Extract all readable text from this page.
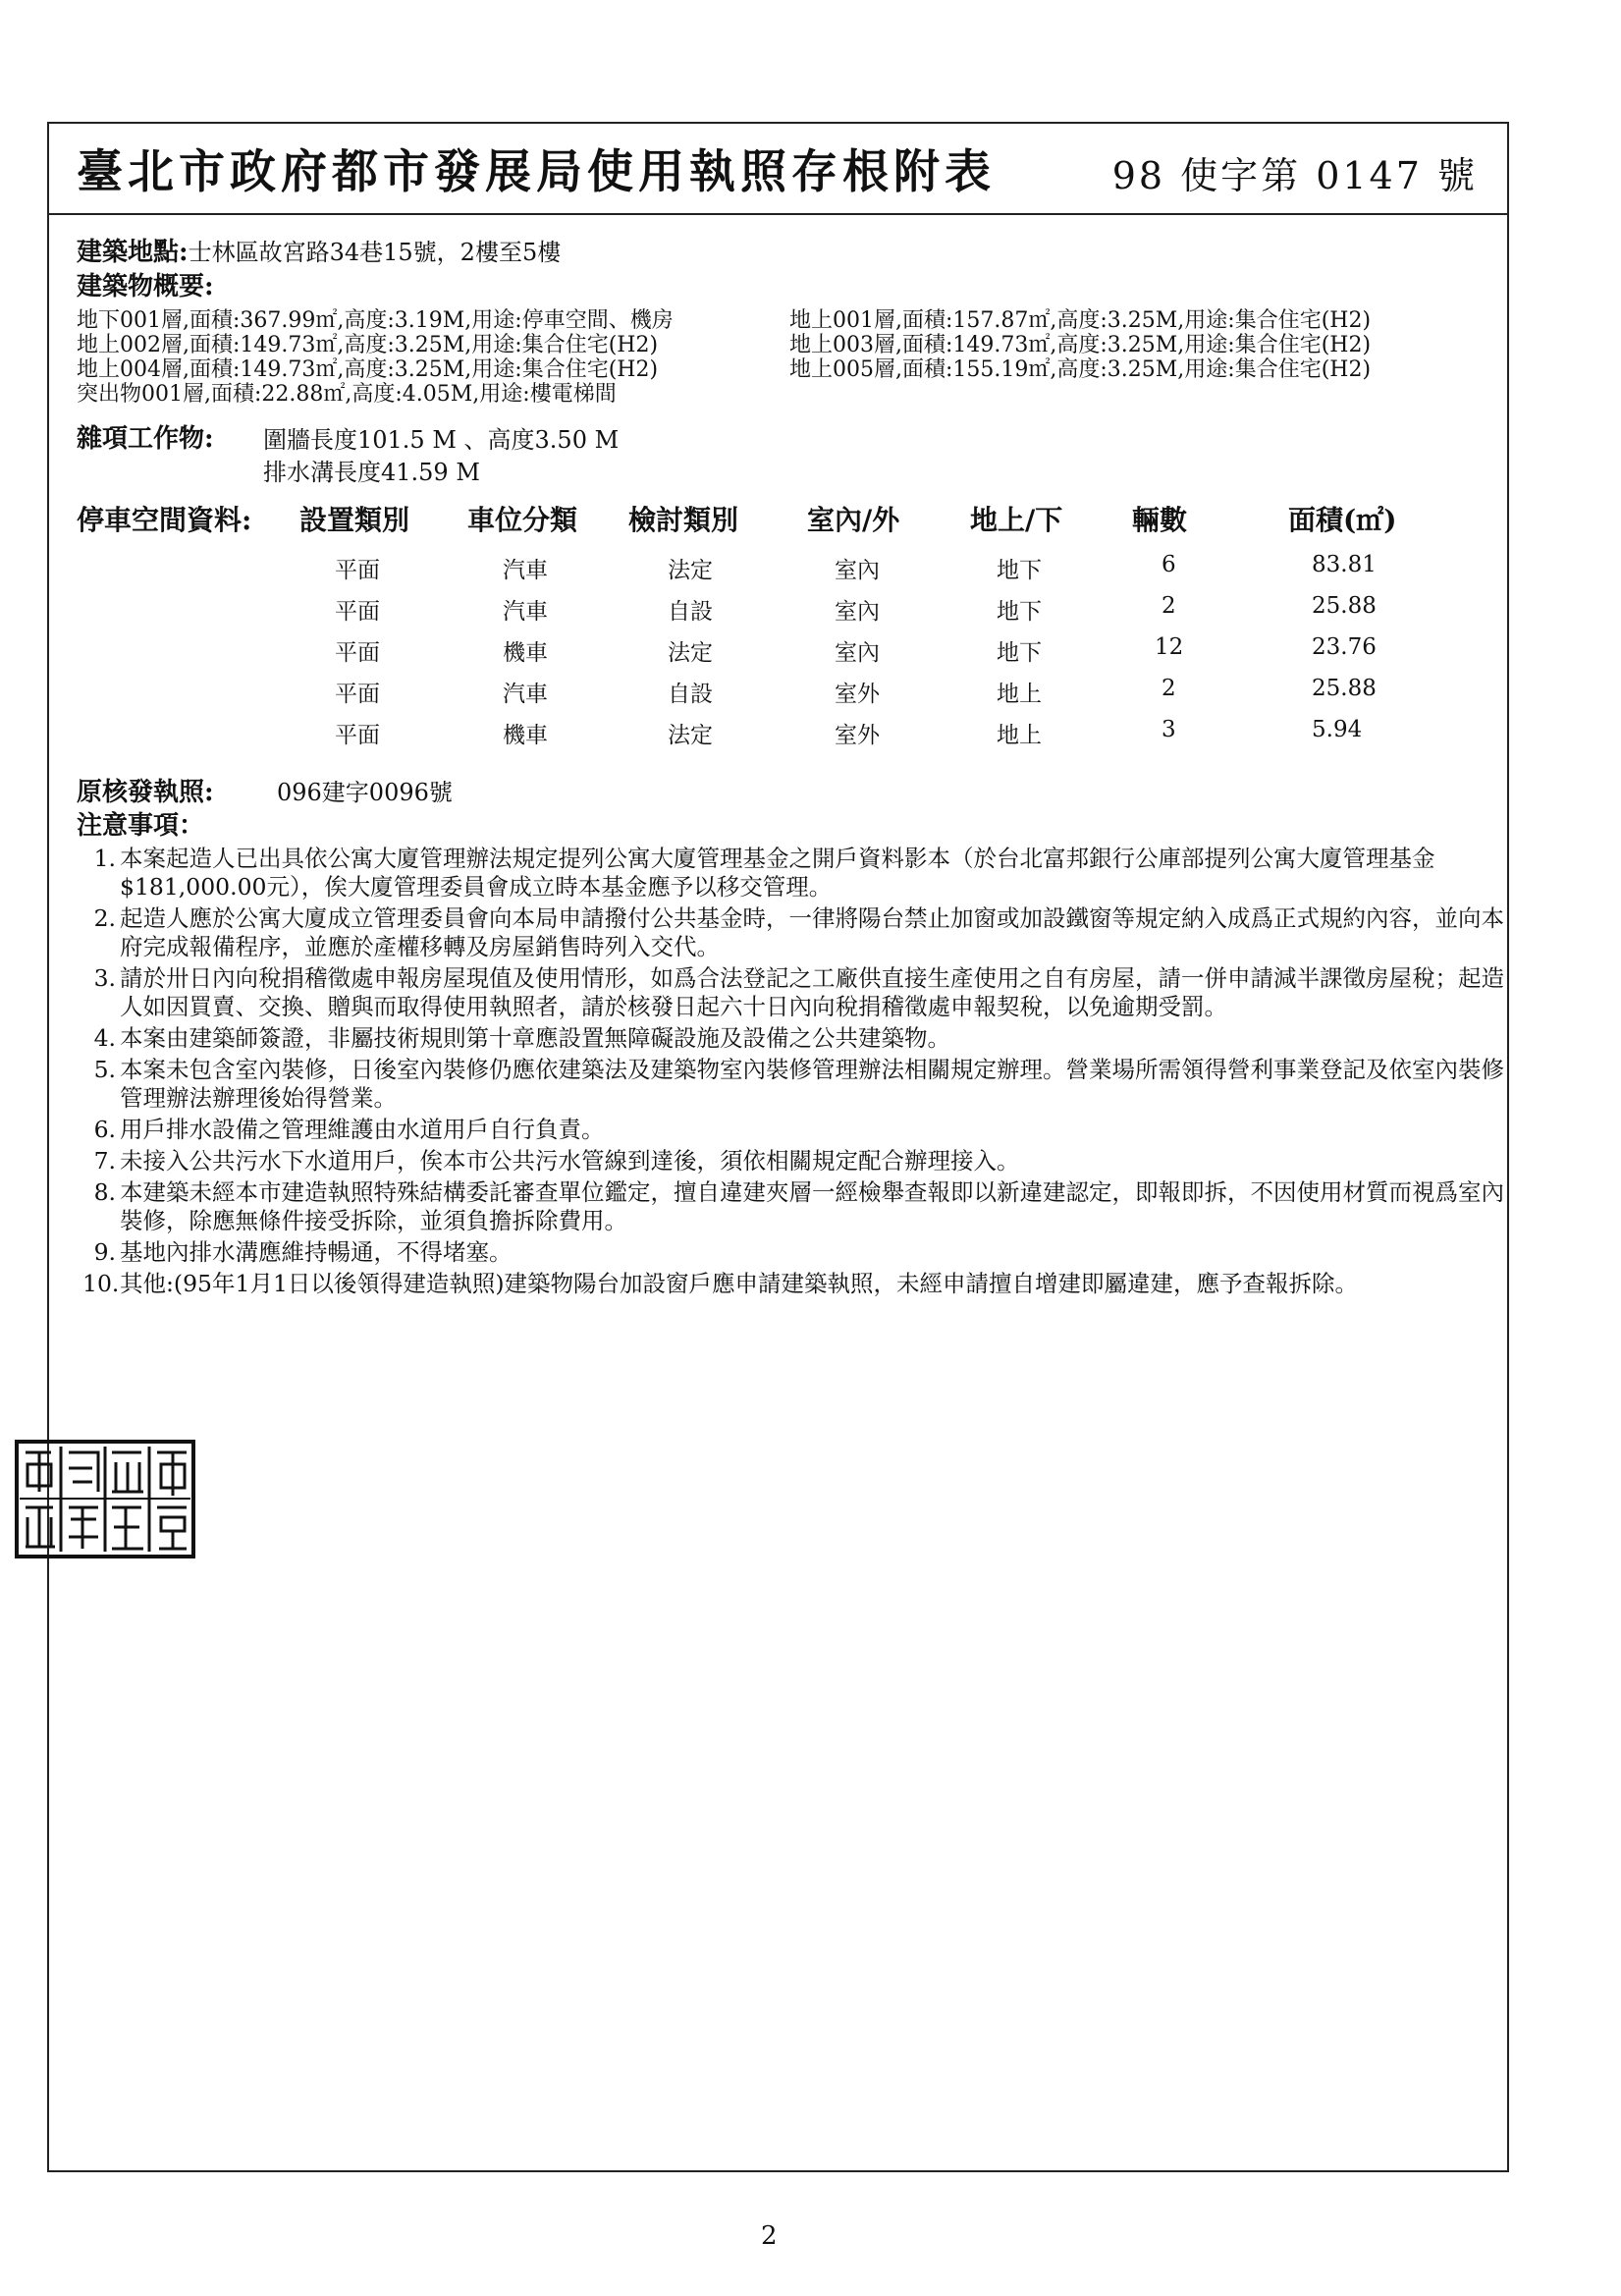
臺北市政府都市發展局使用執照存根附表	98 使字第 0147 號
建築地點:士林區故宮路34巷15號，2樓至5樓
建築物概要:
地下001層,面積:367.99㎡,高度:3.19M,用途:停車空間、機房
地上002層,面積:149.73㎡,高度:3.25M,用途:集合住宅(H2)
地上004層,面積:149.73㎡,高度:3.25M,用途:集合住宅(H2)
突出物001層,面積:22.88㎡,高度:4.05M,用途:樓電梯間
地上001層,面積:157.87㎡,高度:3.25M,用途:集合住宅(H2)
地上003層,面積:149.73㎡,高度:3.25M,用途:集合住宅(H2)
地上005層,面積:155.19㎡,高度:3.25M,用途:集合住宅(H2)
雜項工作物: 圍牆長度101.5 M 、高度3.50 M
排水溝長度41.59 M
停車空間資料: 設置類別 車位分類 檢討類別 室內/外	地上/下	輛數	面積(㎡)
平面	汽車	法定	室內	地下	6	83.81
平面	汽車	自設	室內	地下	2	25.88
平面	機車	法定	室內	地下	12	23.76
平面	汽車	自設	室外	地上	2	25.88
平面	機車	法定	室外	地上	3	5.94
原核發執照:	096建字0096號
注意事項：
1. 本案起造人已出具依公寓大廈管理辦法規定提列公寓大廈管理基金之開戶資料影本（於台北富邦銀行公庫部提列公寓大廈管理基金$181,000.00元），俟大廈管理委員會成立時本基金應予以移交管理。
2. 起造人應於公寓大廈成立管理委員會向本局申請撥付公共基金時，一律將陽台禁止加窗或加設鐵窗等規定納入成爲正式規約內容，並向本府完成報備程序，並應於產權移轉及房屋銷售時列入交代。
3. 請於卅日內向稅捐稽徵處申報房屋現值及使用情形，如爲合法登記之工廠供直接生產使用之自有房屋，請一併申請減半課徵房屋稅；起造人如因買賣、交換、贈與而取得使用執照者，請於核發日起六十日內向稅捐稽徵處申報契稅，以免逾期受罰。
4. 本案由建築師簽證，非屬技術規則第十章應設置無障礙設施及設備之公共建築物。
5. 本案未包含室內裝修，日後室內裝修仍應依建築法及建築物室內裝修管理辦法相關規定辦理。營業場所需領得營利事業登記及依室內裝修管理辦法辦理後始得營業。
6. 用戶排水設備之管理維護由水道用戶自行負責。
7. 未接入公共污水下水道用戶，俟本市公共污水管線到達後，須依相關規定配合辦理接入。
8. 本建築未經本市建造執照特殊結構委託審查單位鑑定，擅自違建夾層一經檢舉查報即以新違建認定，即報即拆，不因使用材質而視爲室內裝修，除應無條件接受拆除，並須負擔拆除費用。
9. 基地內排水溝應維持暢通，不得堵塞。
10. 其他:(95年1月1日以後領得建造執照)建築物陽台加設窗戶應申請建築執照，未經申請擅自增建即屬違建，應予查報拆除。
2
